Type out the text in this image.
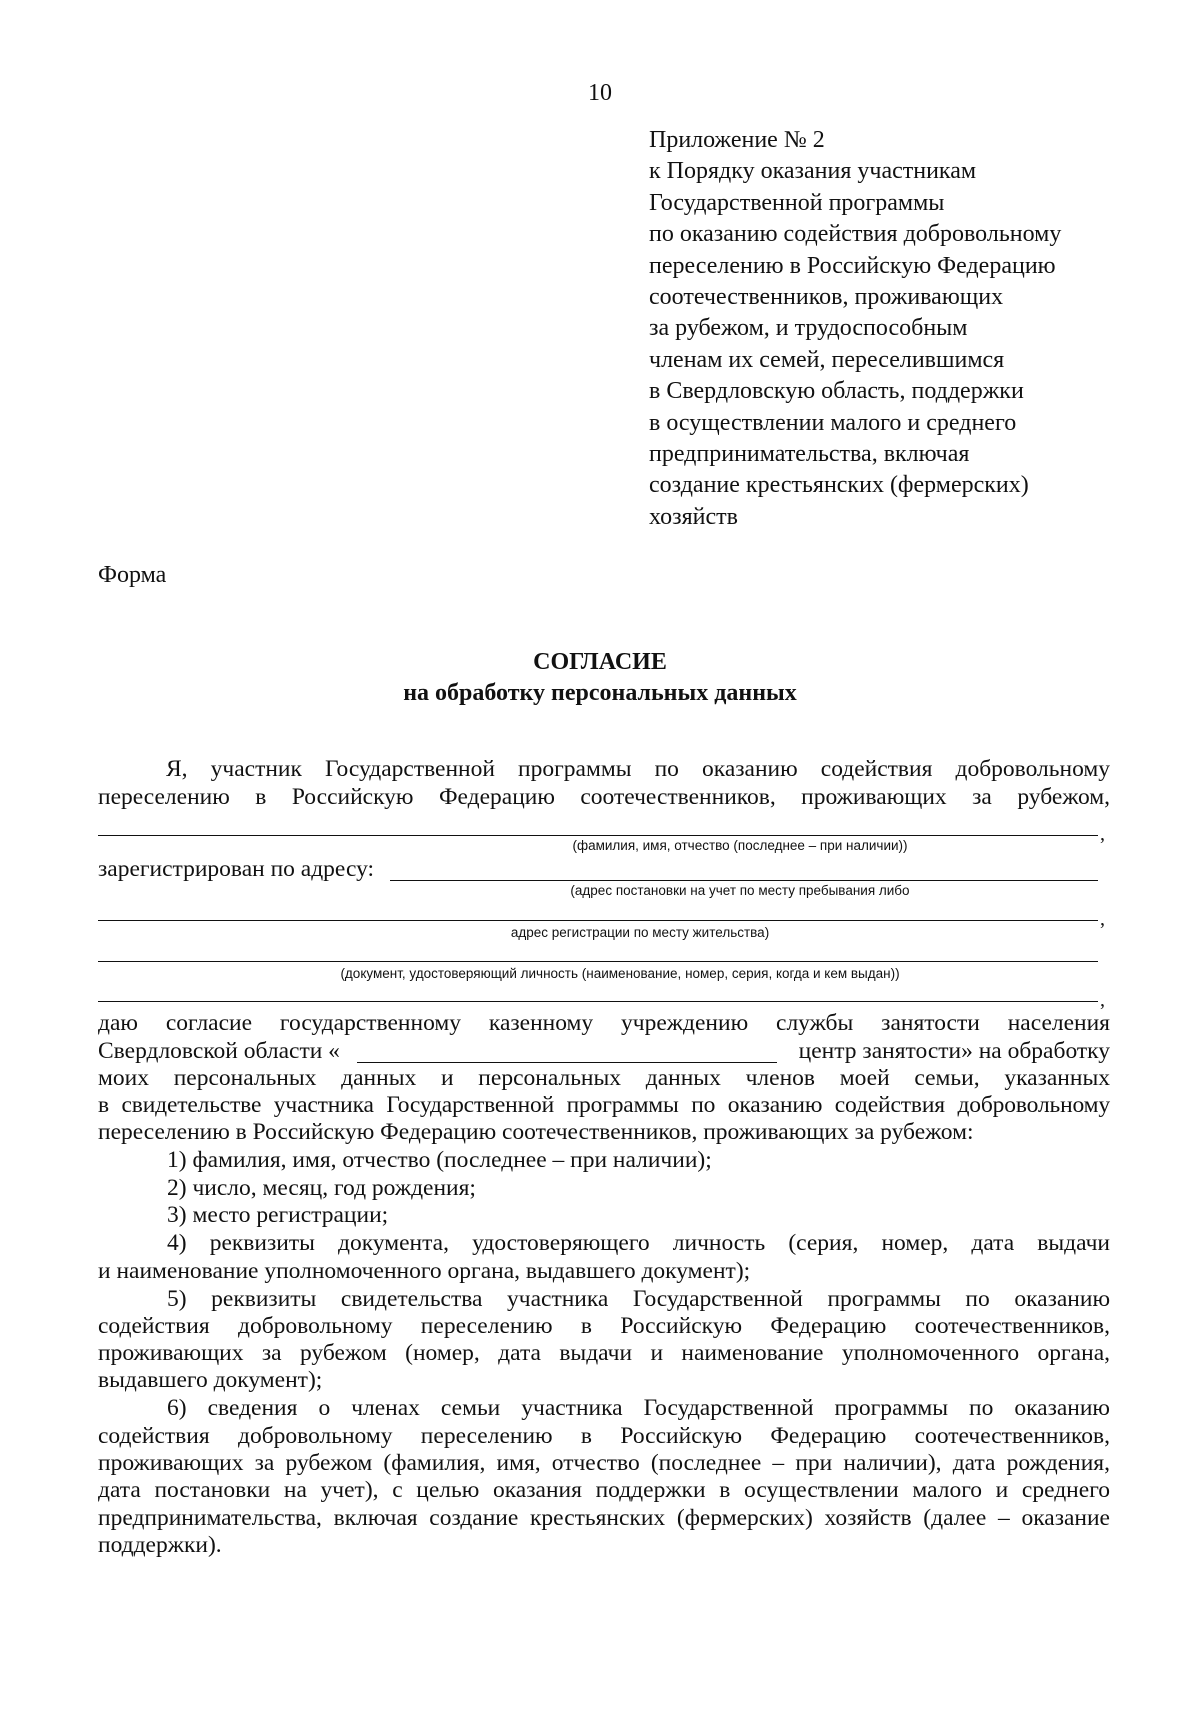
10
Приложение № 2
к Порядку оказания участникам
Государственной программы
по оказанию содействия добровольному
переселению в Российскую Федерацию
соотечественников, проживающих
за рубежом, и трудоспособным
членам их семей, переселившимся
в Свердловскую область, поддержки
в осуществлении малого и среднего
предпринимательства, включая
создание крестьянских (фермерских)
хозяйств
Форма
СОГЛАСИЕ
на обработку персональных данных
Я, участник Государственной программы по оказанию содействия добровольному
переселению в Российскую Федерацию соотечественников, проживающих за рубежом,
,
(фамилия, имя, отчество (последнее – при наличии))
зарегистрирован по адресу:
(адрес постановки на учет по месту пребывания либо
,
адрес регистрации по месту жительства)
(документ, удостоверяющий личность (наименование, номер, серия, когда и кем выдан))
,
даю согласие государственному казенному учреждению службы занятости населения
Свердловской области «	центр занятости» на обработку
моих персональных данных и персональных данных членов моей семьи, указанных
в свидетельстве участника Государственной программы по оказанию содействия добровольному
переселению в Российскую Федерацию соотечественников, проживающих за рубежом:
1) фамилия, имя, отчество (последнее – при наличии);
2) число, месяц, год рождения;
3) место регистрации;
4) реквизиты документа, удостоверяющего личность (серия, номер, дата выдачи
и наименование уполномоченного органа, выдавшего документ);
5) реквизиты свидетельства участника Государственной программы по оказанию
содействия добровольному переселению в Российскую Федерацию соотечественников,
проживающих за рубежом (номер, дата выдачи и наименование уполномоченного органа,
выдавшего документ);
6) сведения о членах семьи участника Государственной программы по оказанию
содействия добровольному переселению в Российскую Федерацию соотечественников,
проживающих за рубежом (фамилия, имя, отчество (последнее – при наличии), дата рождения,
дата постановки на учет), с целью оказания поддержки в осуществлении малого и среднего
предпринимательства, включая создание крестьянских (фермерских) хозяйств (далее – оказание
поддержки).
